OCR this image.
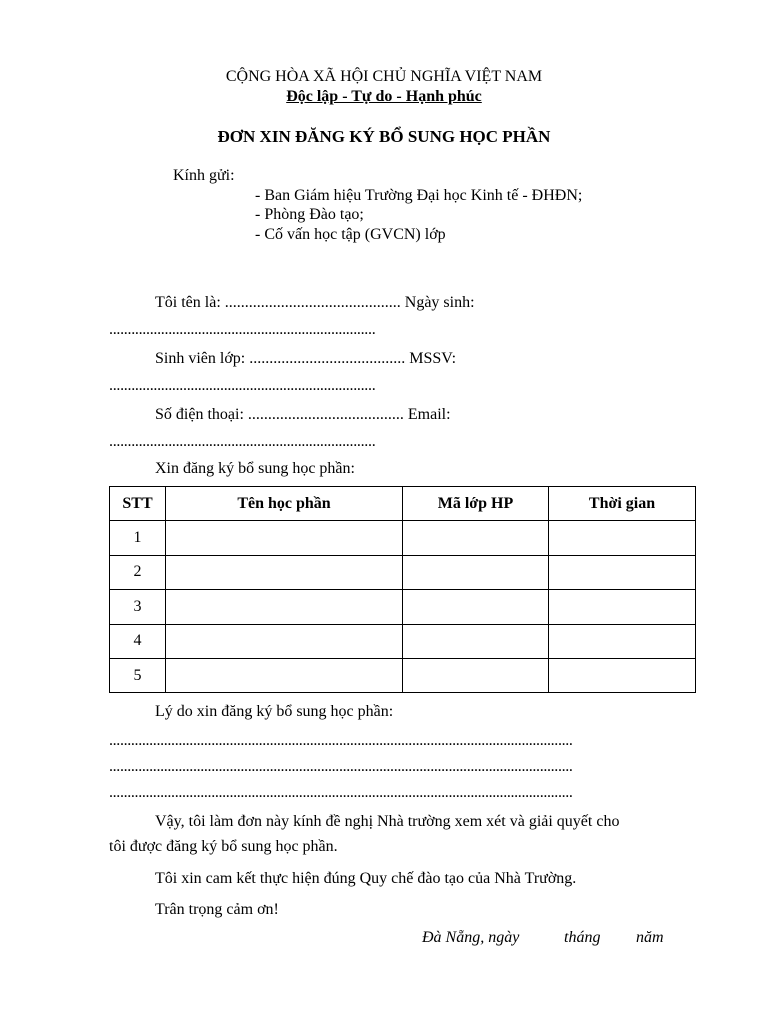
CỘNG HÒA XÃ HỘI CHỦ NGHĨA VIỆT NAM
Độc lập - Tự do - Hạnh phúc
ĐƠN XIN ĐĂNG KÝ BỔ SUNG HỌC PHẦN
Kính gửi:
- Ban Giám hiệu Trường Đại học Kinh tế - ĐHĐN;
- Phòng Đào tạo;
- Cố vấn học tập (GVCN) lớp
Tôi tên là: ............................................ Ngày sinh:
........................................................................
Sinh viên lớp: ....................................... MSSV:
........................................................................
Số điện thoại: ....................................... Email:
........................................................................
Xin đăng ký bổ sung học phần:
STT	Tên học phần	Mã lớp HP	Thời gian
1			
2			
3			
4			
5			
Lý do xin đăng ký bổ sung học phần:
...............................................................................................................................
...............................................................................................................................
...............................................................................................................................
Vậy, tôi làm đơn này kính đề nghị Nhà trường xem xét và giải quyết cho
tôi được đăng ký bổ sung học phần.
Tôi xin cam kết thực hiện đúng Quy chế đào tạo của Nhà Trường.
Trân trọng cảm ơn!
Đà Nẵng, ngày	tháng năm
